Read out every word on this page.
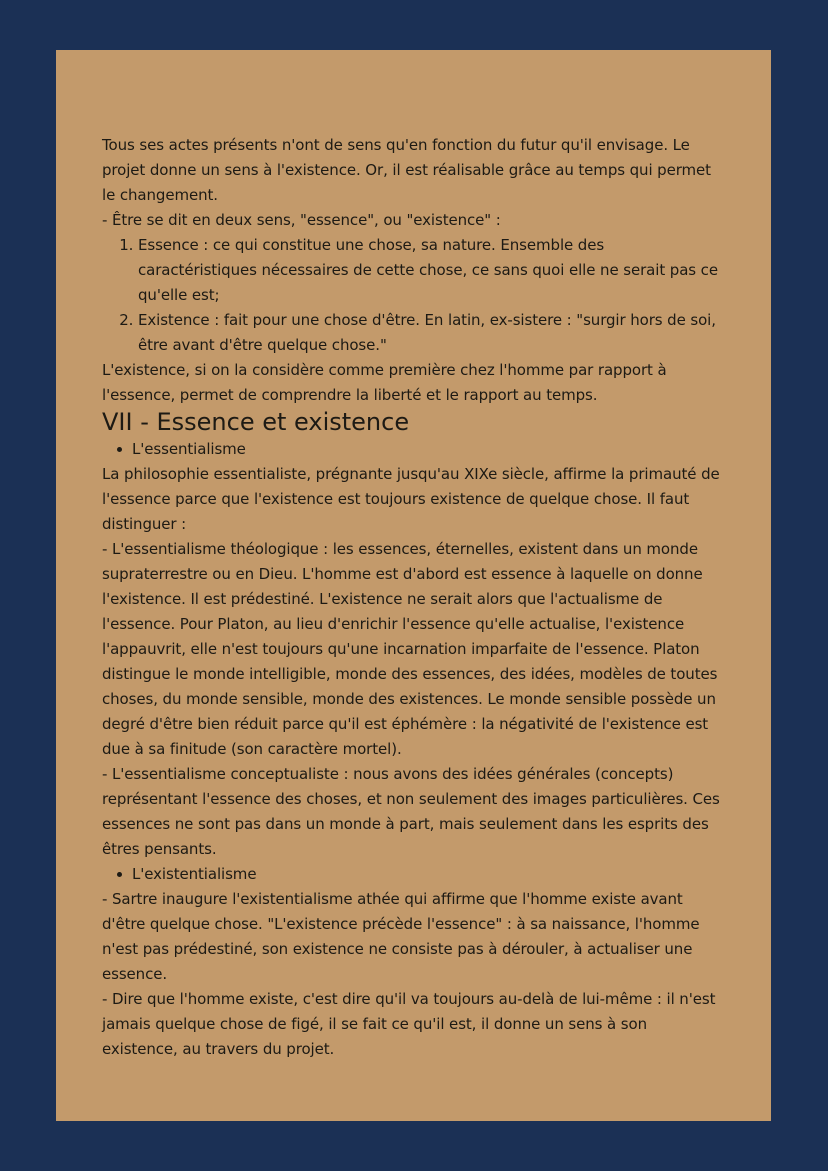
Tous ses actes présents n'ont de sens qu'en fonction du futur qu'il envisage. Le projet donne un sens à l'existence. Or, il est réalisable grâce au temps qui permet le changement.

- Être se dit en deux sens, "essence", ou "existence" :

1. Essence : ce qui constitue une chose, sa nature. Ensemble des caractéristiques nécessaires de cette chose, ce sans quoi elle ne serait pas ce qu'elle est;
2. Existence : fait pour une chose d'être. En latin, ex-sistere : "surgir hors de soi, être avant d'être quelque chose."

L'existence, si on la considère comme première chez l'homme par rapport à l'essence, permet de comprendre la liberté et le rapport au temps.

VII - Essence et existence
L'essentialisme

La philosophie essentialiste, prégnante jusqu'au XIXe siècle, affirme la primauté de l'essence parce que l'existence est toujours existence de quelque chose. Il faut distinguer :

- L'essentialisme théologique : les essences, éternelles, existent dans un monde supraterrestre ou en Dieu. L'homme est d'abord est essence à laquelle on donne l'existence. Il est prédestiné. L'existence ne serait alors que l'actualisme de l'essence. Pour Platon, au lieu d'enrichir l'essence qu'elle actualise, l'existence l'appauvrit, elle n'est toujours qu'une incarnation imparfaite de l'essence. Platon distingue le monde intelligible, monde des essences, des idées, modèles de toutes choses, du monde sensible, monde des existences. Le monde sensible possède un degré d'être bien réduit parce qu'il est éphémère : la négativité de l'existence est due à sa finitude (son caractère mortel).

- L'essentialisme conceptualiste : nous avons des idées générales (concepts) représentant l'essence des choses, et non seulement des images particulières. Ces essences ne sont pas dans un monde à part, mais seulement dans les esprits des êtres pensants.

L'existentialisme

- Sartre inaugure l'existentialisme athée qui affirme que l'homme existe avant d'être quelque chose. "L'existence précède l'essence" : à sa naissance, l'homme n'est pas prédestiné, son existence ne consiste pas à dérouler, à actualiser une essence.

- Dire que l'homme existe, c'est dire qu'il va toujours au-delà de lui-même : il n'est jamais quelque chose de figé, il se fait ce qu'il est, il donne un sens à son existence, au travers du projet.
